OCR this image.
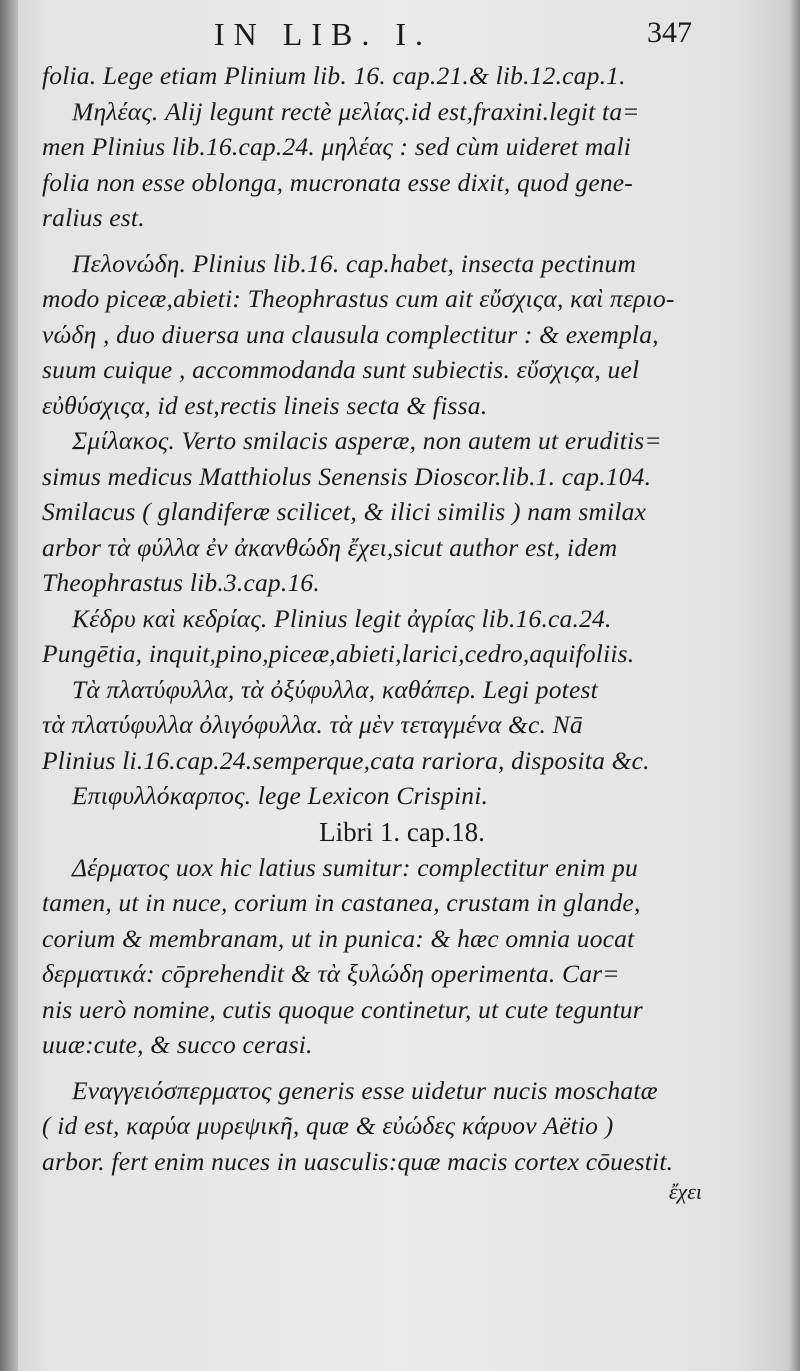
IN LIB. I.	347
folia. Lege etiam Plinium lib. 16. cap.21.& lib.12.cap.1.
Μηλέας. Alij legunt rectè μελίας.id est,fraxini.legit ta=
men Plinius lib.16.cap.24. μηλέας : sed cùm uideret mali
folia non esse oblonga, mucronata esse dixit, quod gene-
ralius est.
Πελονώδη. Plinius lib.16. cap.habet, insecta pectinum
modo piceæ,abieti: Theophrastus cum ait εὔσχιςα, καὶ περιο-
νώδη , duo diuersa una clausula complectitur : & exempla,
suum cuique , accommodanda sunt subiectis. εὔσχιςα, uel
εὐθύσχιςα, id est,rectis lineis secta & fissa.
Σμίλακος. Verto smilacis asperæ, non autem ut eruditis=
simus medicus Matthiolus Senensis Dioscor.lib.1. cap.104.
Smilacus ( glandiferæ scilicet, & ilici similis ) nam smilax
arbor τὰ φύλλα ἐν ἀκανθώδη ἔχει,sicut author est, idem
Theophrastus lib.3.cap.16.
Κέδρυ καὶ κεδρίας. Plinius legit ἀγρίας lib.16.ca.24.
Pungētia, inquit,pino,piceæ,abieti,larici,cedro,aquifoliis.
Τὰ πλατύφυλλα, τὰ ὀξύφυλλα, καθάπερ. Legi potest
τὰ πλατύφυλλα ὀλιγόφυλλα. τὰ μὲν τεταγμένα &c. Nā
Plinius li.16.cap.24.semperque,cata rariora, disposita &c.
Επιφυλλόκαρπος. lege Lexicon Crispini.
Libri 1. cap.18.
Δέρματος uox hic latius sumitur: complectitur enim pu
tamen, ut in nuce, corium in castanea, crustam in glande,
corium & membranam, ut in punica: & hæc omnia uocat
δερματικά: cōprehendit & τὰ ξυλώδη operimenta. Car=
nis uerò nomine, cutis quoque continetur, ut cute teguntur
uuæ:cute, & succo cerasi.
Εναγγειόσπερματος generis esse uidetur nucis moschatæ
( id est, καρύα μυρεψικῆ, quæ & εὐώδες κάρυον Aëtio )
arbor. fert enim nuces in uasculis:quæ macis cortex cōuestit.
ἔχει
